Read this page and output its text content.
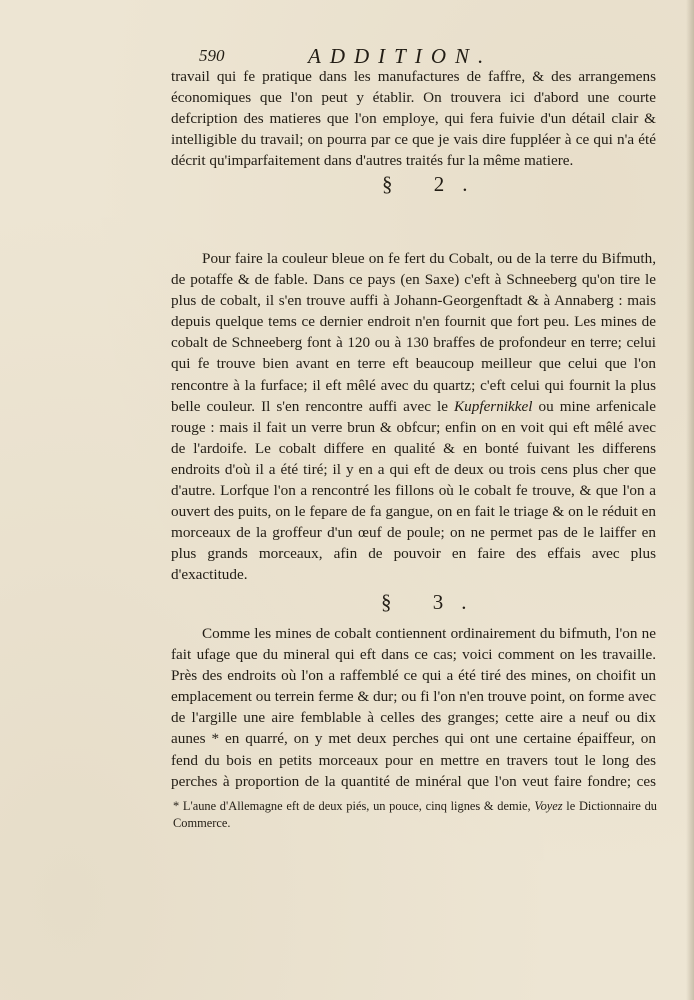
590	ADDITION.

travail qui fe pratique dans les manufactures de faffre, & des arrangemens économiques que l'on peut y établir. On trouvera ici d'abord une courte defcription des matieres que l'on employe, qui fera fuivie d'un détail clair & intelligible du travail; on pourra par ce que je vais dire fuppléer à ce qui n'a été décrit qu'imparfaitement dans d'autres traités fur la même matiere.

§ 2.

Pour faire la couleur bleue on fe fert du Cobalt, ou de la terre du Bifmuth, de potaffe & de fable. Dans ce pays (en Saxe) c'eft à Schneeberg qu'on tire le plus de cobalt, il s'en trouve auffi à Johann-Georgenftadt & à Annaberg : mais depuis quelque tems ce dernier endroit n'en fournit que fort peu. Les mines de cobalt de Schneeberg font à 120 ou à 130 braffes de profondeur en terre; celui qui fe trouve bien avant en terre eft beaucoup meilleur que celui que l'on rencontre à la furface; il eft mêlé avec du quartz; c'eft celui qui fournit la plus belle couleur. Il s'en rencontre auffi avec le Kupfernikkel ou mine arfenicale rouge : mais il fait un verre brun & obfcur; enfin on en voit qui eft mêlé avec de l'ardoife. Le cobalt differe en qualité & en bonté fuivant les differens endroits d'où il a été tiré; il y en a qui eft de deux ou trois cens plus cher que d'autre. Lorfque l'on a rencontré les fillons où le cobalt fe trouve, & que l'on a ouvert des puits, on le fepare de fa gangue, on en fait le triage & on le réduit en morceaux de la groffeur d'un œuf de poule; on ne permet pas de le laiffer en plus grands morceaux, afin de pouvoir en faire des effais avec plus d'exactitude.

§ 3.

Comme les mines de cobalt contiennent ordinairement du bifmuth, l'on ne fait ufage que du mineral qui eft dans ce cas; voici comment on les travaille. Près des endroits où l'on a raffemblé ce qui a été tiré des mines, on choifit un emplacement ou terrein ferme & dur; ou fi l'on n'en trouve point, on forme avec de l'argille une aire femblable à celles des granges; cette aire a neuf ou dix aunes * en quarré, on y met deux perches qui ont une certaine épaiffeur, on fend du bois en petits morceaux pour en mettre en travers tout le long des perches à proportion de la quantité de minéral que l'on veut faire fondre; ces

* L'aune d'Allemagne eft de deux piés, un pouce, cinq lignes & demie, Voyez le Dictionnaire du Commerce.
